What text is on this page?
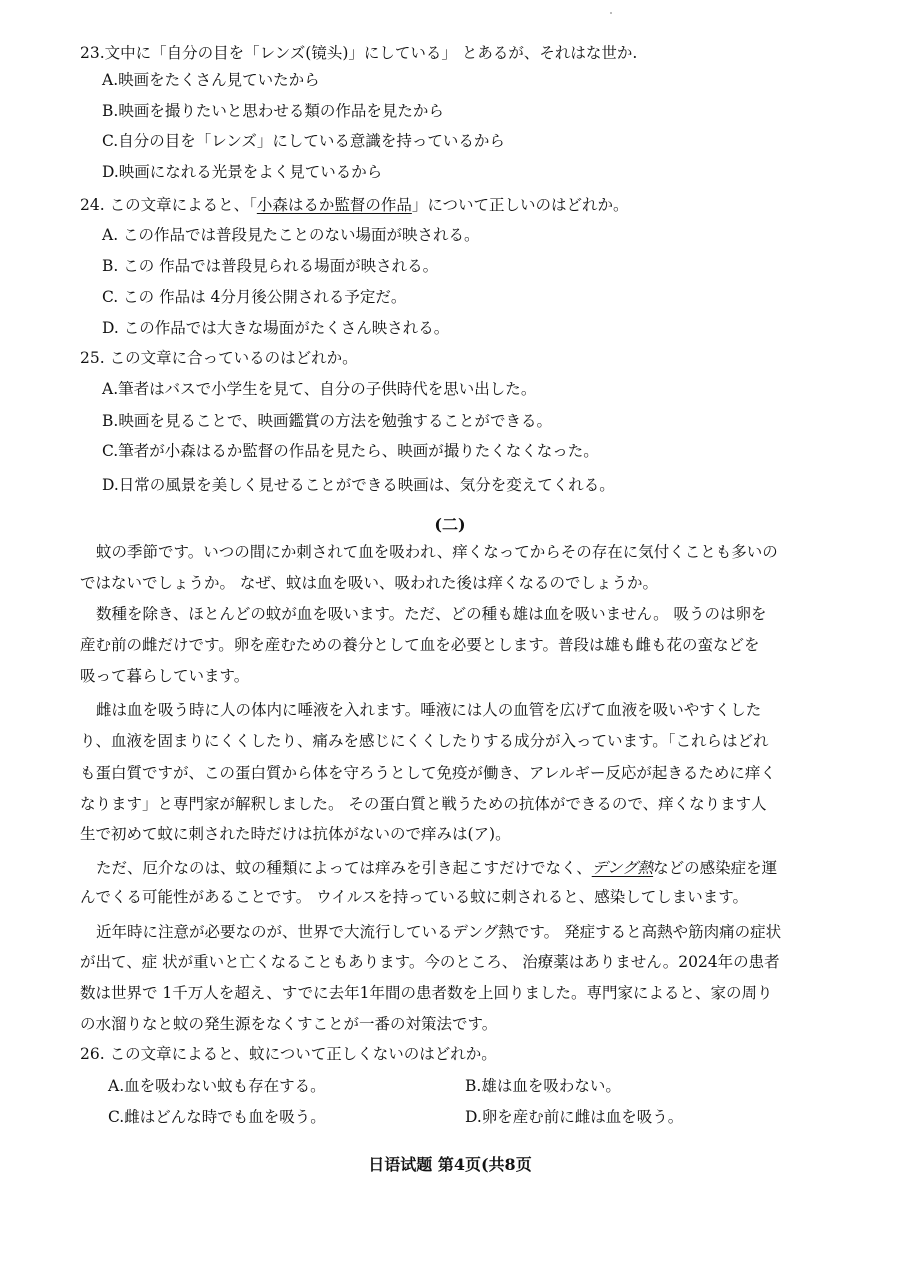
23.文中に「自分の目を「レンズ(镜头)」にしている」 とあるが、それはな世か.
A.映画をたくさん見ていたから
B.映画を撮りたいと思わせる類の作品を見たから
C.自分の目を「レンズ」にしている意識を持っているから
D.映画になれる光景をよく見ているから
24. この文章によると、「小森はるか監督の作品」について正しいのはどれか。
A. この作品では普段見たことのない場面が映される。
B. この 作品では普段見られる場面が映される。
C. この 作品は 4分月後公開される予定だ。
D. この作品では大きな場面がたくさん映される。
25. この文章に合っているのはどれか。
A.筆者はバスで小学生を見て、自分の子供時代を思い出した。
B.映画を見ることで、映画鑑賞の方法を勉強することができる。
C.筆者が小森はるか監督の作品を見たら、映画が撮りたくなくなった。
D.日常の風景を美しく見せることができる映画は、気分を変えてくれる。
(二)
蚊の季節です。いつの間にか刺されて血を吸われ、痒くなってからその存在に気付くことも多いの
ではないでしょうか。 なぜ、蚊は血を吸い、吸われた後は痒くなるのでしょうか。
数種を除き、ほとんどの蚊が血を吸います。ただ、どの種も雄は血を吸いません。 吸うのは卵を
産む前の雌だけです。卵を産むための養分として血を必要とします。普段は雄も雌も花の蛮などを
吸って暮らしています。
雌は血を吸う時に人の体内に唾液を入れます。唾液には人の血管を広げて血液を吸いやすくした
り、血液を固まりにくくしたり、痛みを感じにくくしたりする成分が入っています。「これらはどれ
も蛋白質ですが、この蛋白質から体を守ろうとして免疫が働き、アレルギー反応が起きるために痒く
なります」と専門家が解釈しました。 その蛋白質と戦うための抗体ができるので、痒くなります人
生で初めて蚊に刺された時だけは抗体がないので痒みは(ア)。
ただ、厄介なのは、蚊の種類によっては痒みを引き起こすだけでなく、デング熱などの感染症を運
んでくる可能性があることです。 ウイルスを持っている蚊に刺されると、感染してしまいます。
近年時に注意が必要なのが、世界で大流行しているデング熱です。 発症すると高熱や筋肉痛の症状
が出て、症 状が重いと亡くなることもあります。今のところ、 治療薬はありません。2024年の患者
数は世界で 1千万人を超え、すでに去年1年間の患者数を上回りました。専門家によると、家の周り
の水溜りなと蚊の発生源をなくすことが一番の対策法です。
26. この文章によると、蚊について正しくないのはどれか。
A.血を吸わない蚊も存在する。	B.雄は血を吸わない。
C.雌はどんな時でも血を吸う。	D.卵を産む前に雌は血を吸う。
日语试题 第4页(共8页
